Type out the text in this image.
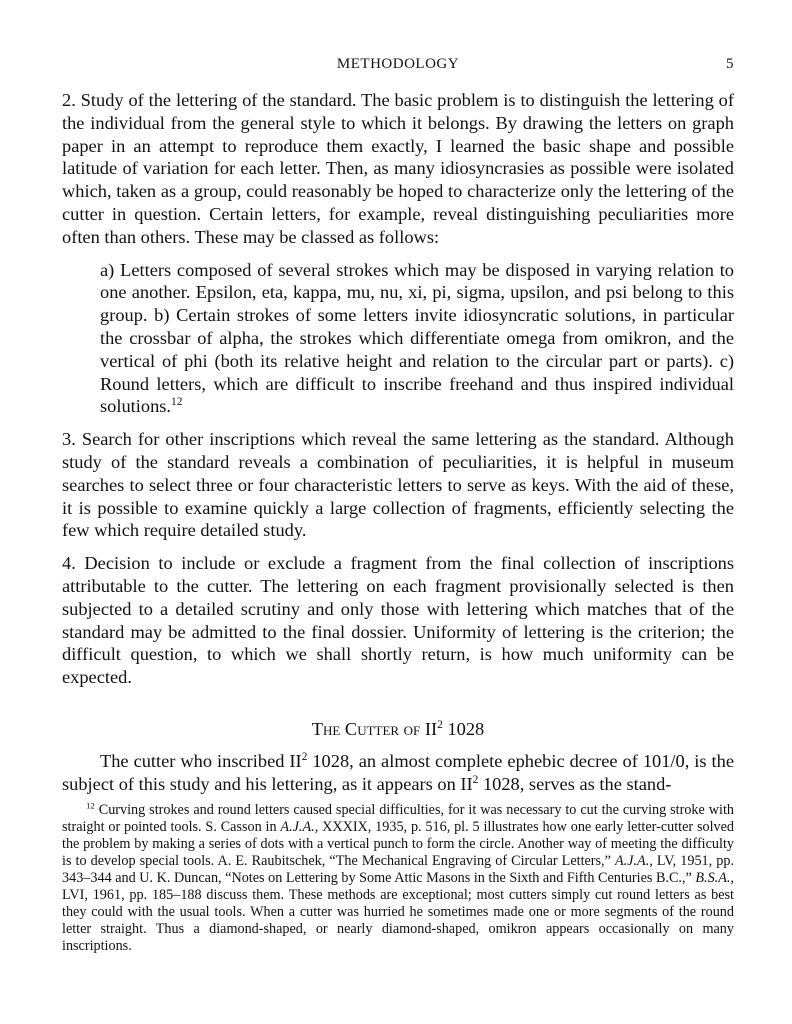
METHODOLOGY	5

2. Study of the lettering of the standard. The basic problem is to distinguish the lettering of the individual from the general style to which it belongs. By drawing the letters on graph paper in an attempt to reproduce them exactly, I learned the basic shape and possible latitude of variation for each letter. Then, as many idiosyncrasies as possible were isolated which, taken as a group, could reasonably be hoped to characterize only the lettering of the cutter in question. Certain letters, for example, reveal distinguishing peculiarities more often than others. These may be classed as follows:

a) Letters composed of several strokes which may be disposed in varying relation to one another. Epsilon, eta, kappa, mu, nu, xi, pi, sigma, upsilon, and psi belong to this group. b) Certain strokes of some letters invite idiosyncratic solutions, in particular the crossbar of alpha, the strokes which differentiate omega from omikron, and the vertical of phi (both its relative height and relation to the circular part or parts). c) Round letters, which are difficult to inscribe freehand and thus inspired individual solutions.$^{12}$

3. Search for other inscriptions which reveal the same lettering as the standard. Although study of the standard reveals a combination of peculiarities, it is helpful in museum searches to select three or four characteristic letters to serve as keys. With the aid of these, it is possible to examine quickly a large collection of fragments, efficiently selecting the few which require detailed study.

4. Decision to include or exclude a fragment from the final collection of inscriptions attributable to the cutter. The lettering on each fragment provisionally selected is then subjected to a detailed scrutiny and only those with lettering which matches that of the standard may be admitted to the final dossier. Uniformity of lettering is the criterion; the difficult question, to which we shall shortly return, is how much uniformity can be expected.

The Cutter of $II^2$ 1028

The cutter who inscribed $II^2$ 1028, an almost complete ephebic decree of 101/0, is the subject of this study and his lettering, as it appears on $II^2$ 1028, serves as the stand-

$^{12}$ Curving strokes and round letters caused special difficulties, for it was necessary to cut the curving stroke with straight or pointed tools. S. Casson in A.J.A., XXXIX, 1935, p. 516, pl. 5 illustrates how one early letter-cutter solved the problem by making a series of dots with a vertical punch to form the circle. Another way of meeting the difficulty is to develop special tools. A. E. Raubitschek, “The Mechanical Engraving of Circular Letters,” A.J.A., LV, 1951, pp. 343–344 and U. K. Duncan, “Notes on Lettering by Some Attic Masons in the Sixth and Fifth Centuries B.C.,” B.S.A., LVI, 1961, pp. 185–188 discuss them. These methods are exceptional; most cutters simply cut round letters as best they could with the usual tools. When a cutter was hurried he sometimes made one or more segments of the round letter straight. Thus a diamond-shaped, or nearly diamond-shaped, omikron appears occasionally on many inscriptions.
